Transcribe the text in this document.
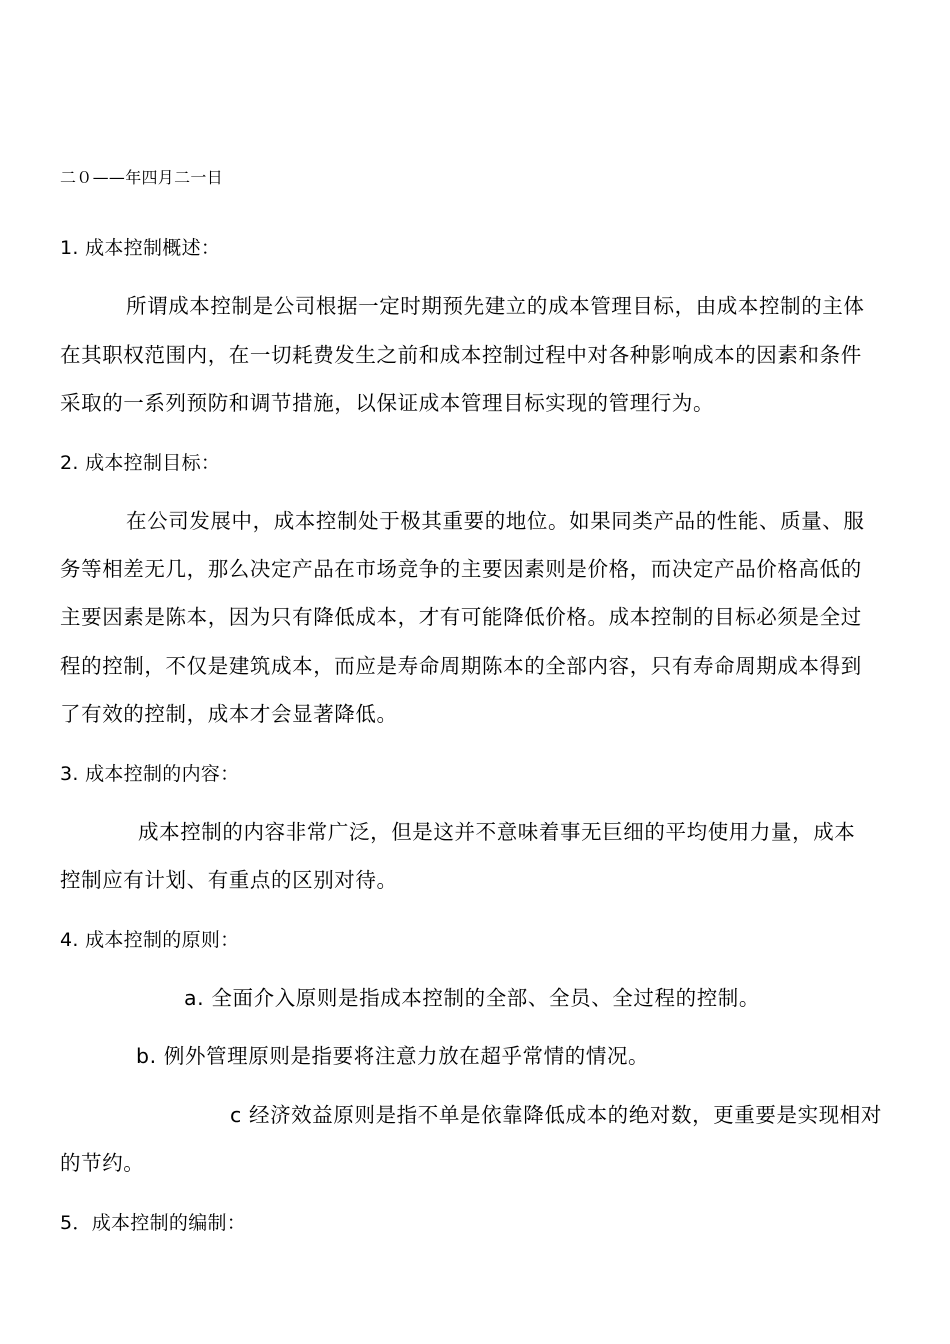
二０——年四月二一日
1. 成本控制概述：
所谓成本控制是公司根据一定时期预先建立的成本管理目标，由成本控制的主体
在其职权范围内，在一切耗费发生之前和成本控制过程中对各种影响成本的因素和条件
采取的一系列预防和调节措施，以保证成本管理目标实现的管理行为。
2. 成本控制目标：
在公司发展中，成本控制处于极其重要的地位。如果同类产品的性能、质量、服
务等相差无几，那么决定产品在市场竞争的主要因素则是价格，而决定产品价格高低的
主要因素是陈本，因为只有降低成本，才有可能降低价格。成本控制的目标必须是全过
程的控制，不仅是建筑成本，而应是寿命周期陈本的全部内容，只有寿命周期成本得到
了有效的控制，成本才会显著降低。
3. 成本控制的内容：
成本控制的内容非常广泛，但是这并不意味着事无巨细的平均使用力量，成本
控制应有计划、有重点的区别对待。
4. 成本控制的原则：
a. 全面介入原则是指成本控制的全部、全员、全过程的控制。
b. 例外管理原则是指要将注意力放在超乎常情的情况。
c 经济效益原则是指不单是依靠降低成本的绝对数，更重要是实现相对
的节约。
5．成本控制的编制：
